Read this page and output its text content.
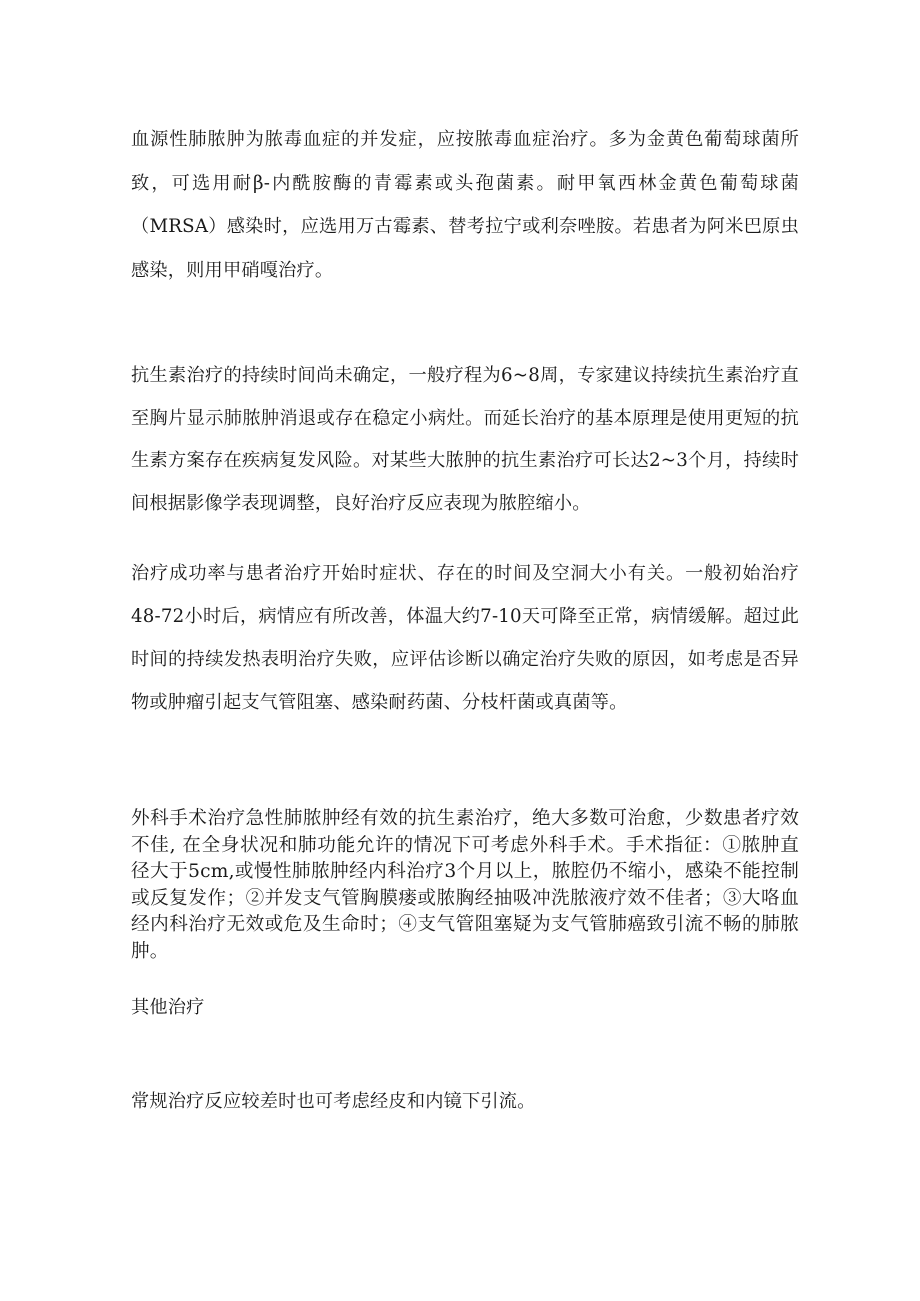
血源性肺脓肿为脓毒血症的并发症，应按脓毒血症治疗。多为金黄色葡萄球菌所致，可选用耐β-内酰胺酶的青霉素或头孢菌素。耐甲氧西林金黄色葡萄球菌（MRSA）感染时，应选用万古霉素、替考拉宁或利奈唑胺。若患者为阿米巴原虫感染，则用甲硝嘎治疗。

抗生素治疗的持续时间尚未确定，一般疗程为6~8周，专家建议持续抗生素治疗直至胸片显示肺脓肿消退或存在稳定小病灶。而延长治疗的基本原理是使用更短的抗生素方案存在疾病复发风险。对某些大脓肿的抗生素治疗可长达2~3个月，持续时间根据影像学表现调整，良好治疗反应表现为脓腔缩小。

治疗成功率与患者治疗开始时症状、存在的时间及空洞大小有关。一般初始治疗48-72小时后，病情应有所改善，体温大约7-10天可降至正常，病情缓解。超过此时间的持续发热表明治疗失败，应评估诊断以确定治疗失败的原因，如考虑是否异物或肿瘤引起支气管阻塞、感染耐药菌、分枝杆菌或真菌等。

外科手术治疗急性肺脓肿经有效的抗生素治疗，绝大多数可治愈，少数患者疗效不佳, 在全身状况和肺功能允许的情况下可考虑外科手术。手术指征：①脓肿直径大于5cm,或慢性肺脓肿经内科治疗3个月以上，脓腔仍不缩小，感染不能控制或反复发作；②并发支气管胸膜瘘或脓胸经抽吸冲洗脓液疗效不佳者；③大咯血经内科治疗无效或危及生命时；④支气管阻塞疑为支气管肺癌致引流不畅的肺脓肿。

其他治疗

常规治疗反应较差时也可考虑经皮和内镜下引流。
